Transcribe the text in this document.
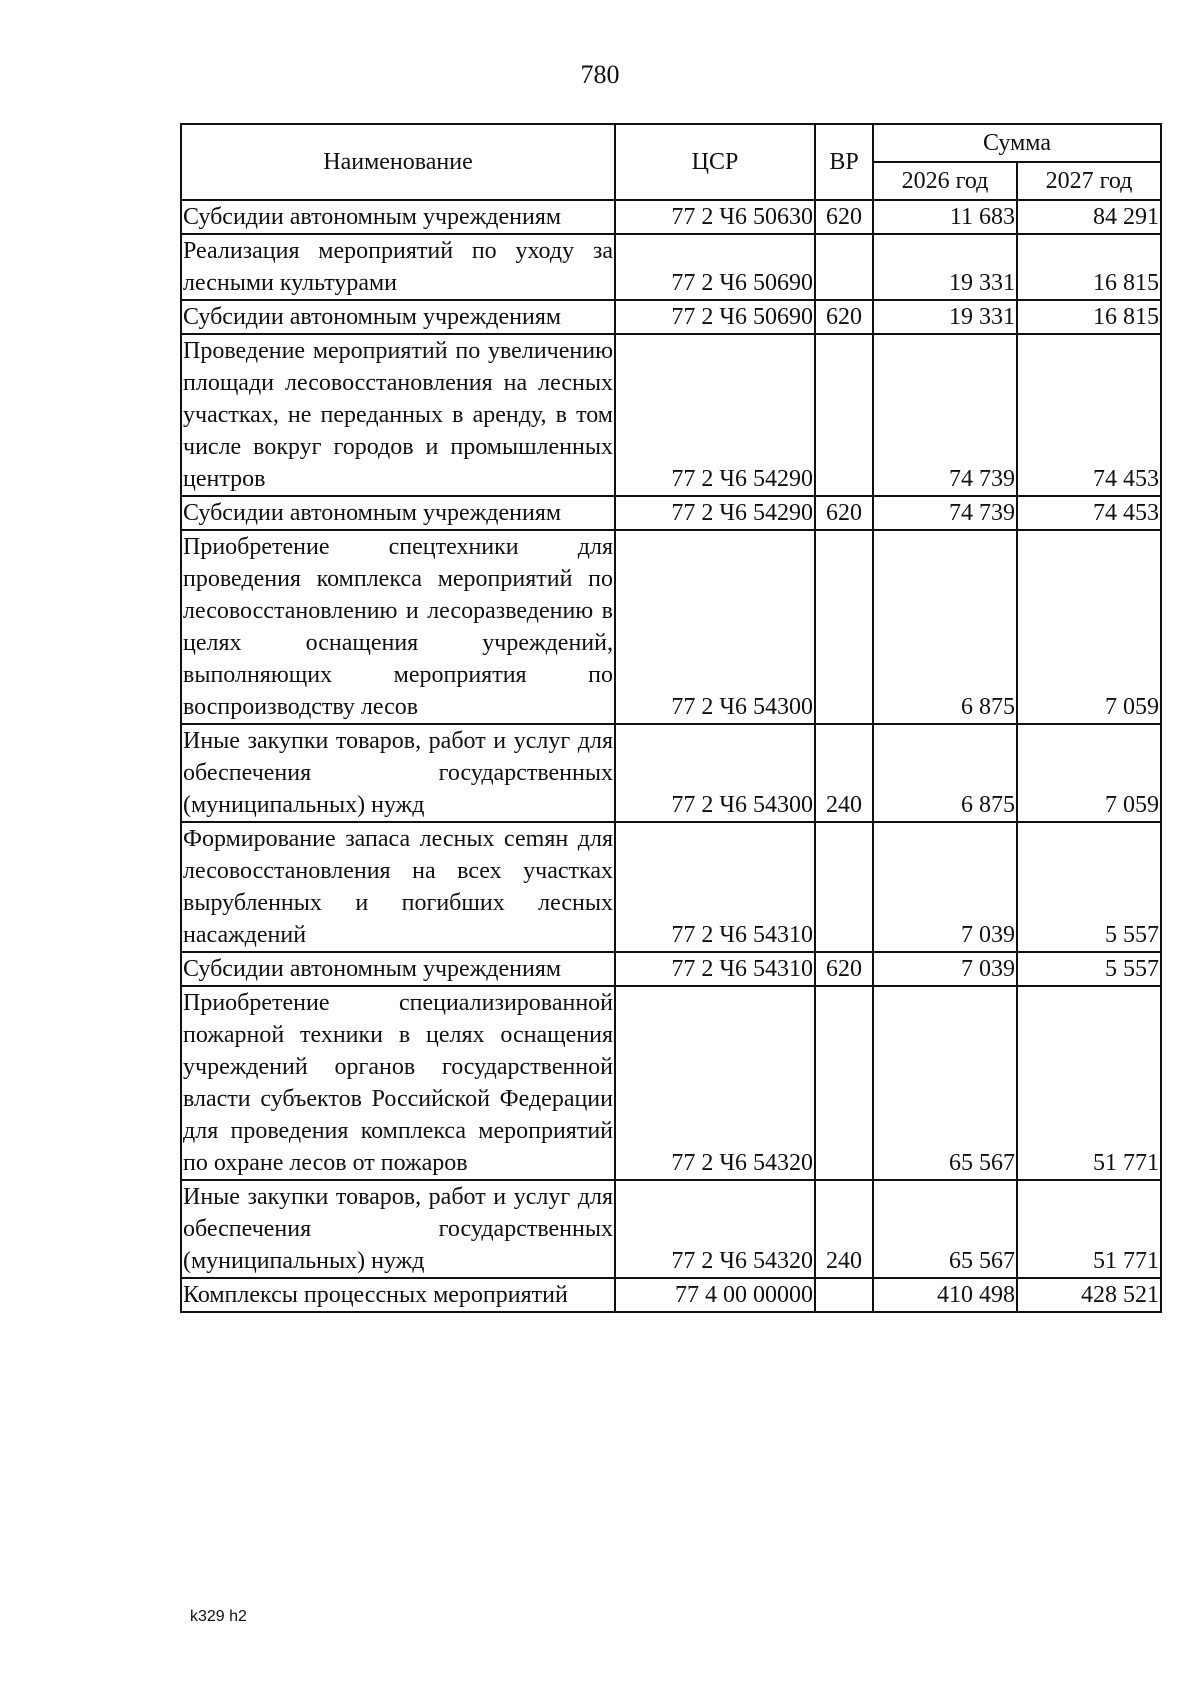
780
Наименование	ЦСР	ВР	Сумма	
			2026 год	2027 год
Субсидии автономным учреждениям	77 2 Ч6 50630	620	11 683	84 291
Реализация мероприятий по уходу за лесными культурами	77 2 Ч6 50690		19 331	16 815
Субсидии автономным учреждениям	77 2 Ч6 50690	620	19 331	16 815
Проведение мероприятий по увеличению площади лесовосстановления на лесных участках, не переданных в аренду, в том числе вокруг городов и промышленных центров	77 2 Ч6 54290		74 739	74 453
Субсидии автономным учреждениям	77 2 Ч6 54290	620	74 739	74 453
Приобретение спецтехники для проведения комплекса мероприятий по лесовосстановлению и лесоразведению в целях оснащения учреждений, выполняющих мероприятия по воспроизводству лесов	77 2 Ч6 54300		6 875	7 059
Иные закупки товаров, работ и услуг для обеспечения государственных (муниципальных) нужд	77 2 Ч6 54300	240	6 875	7 059
Формирование запаса лесных сеmян для лесовосстановления на всех участках вырубленных и погибших лесных насаждений	77 2 Ч6 54310		7 039	5 557
Субсидии автономным учреждениям	77 2 Ч6 54310	620	7 039	5 557
Приобретение специализированной пожарной техники в целях оснащения учреждений органов государственной власти субъектов Российской Федерации для проведения комплекса мероприятий по охране лесов от пожаров	77 2 Ч6 54320		65 567	51 771
Иные закупки товаров, работ и услуг для обеспечения государственных (муниципальных) нужд	77 2 Ч6 54320	240	65 567	51 771
Комплексы процессных мероприятий	77 4 00 00000		410 498	428 521
k329 h2
